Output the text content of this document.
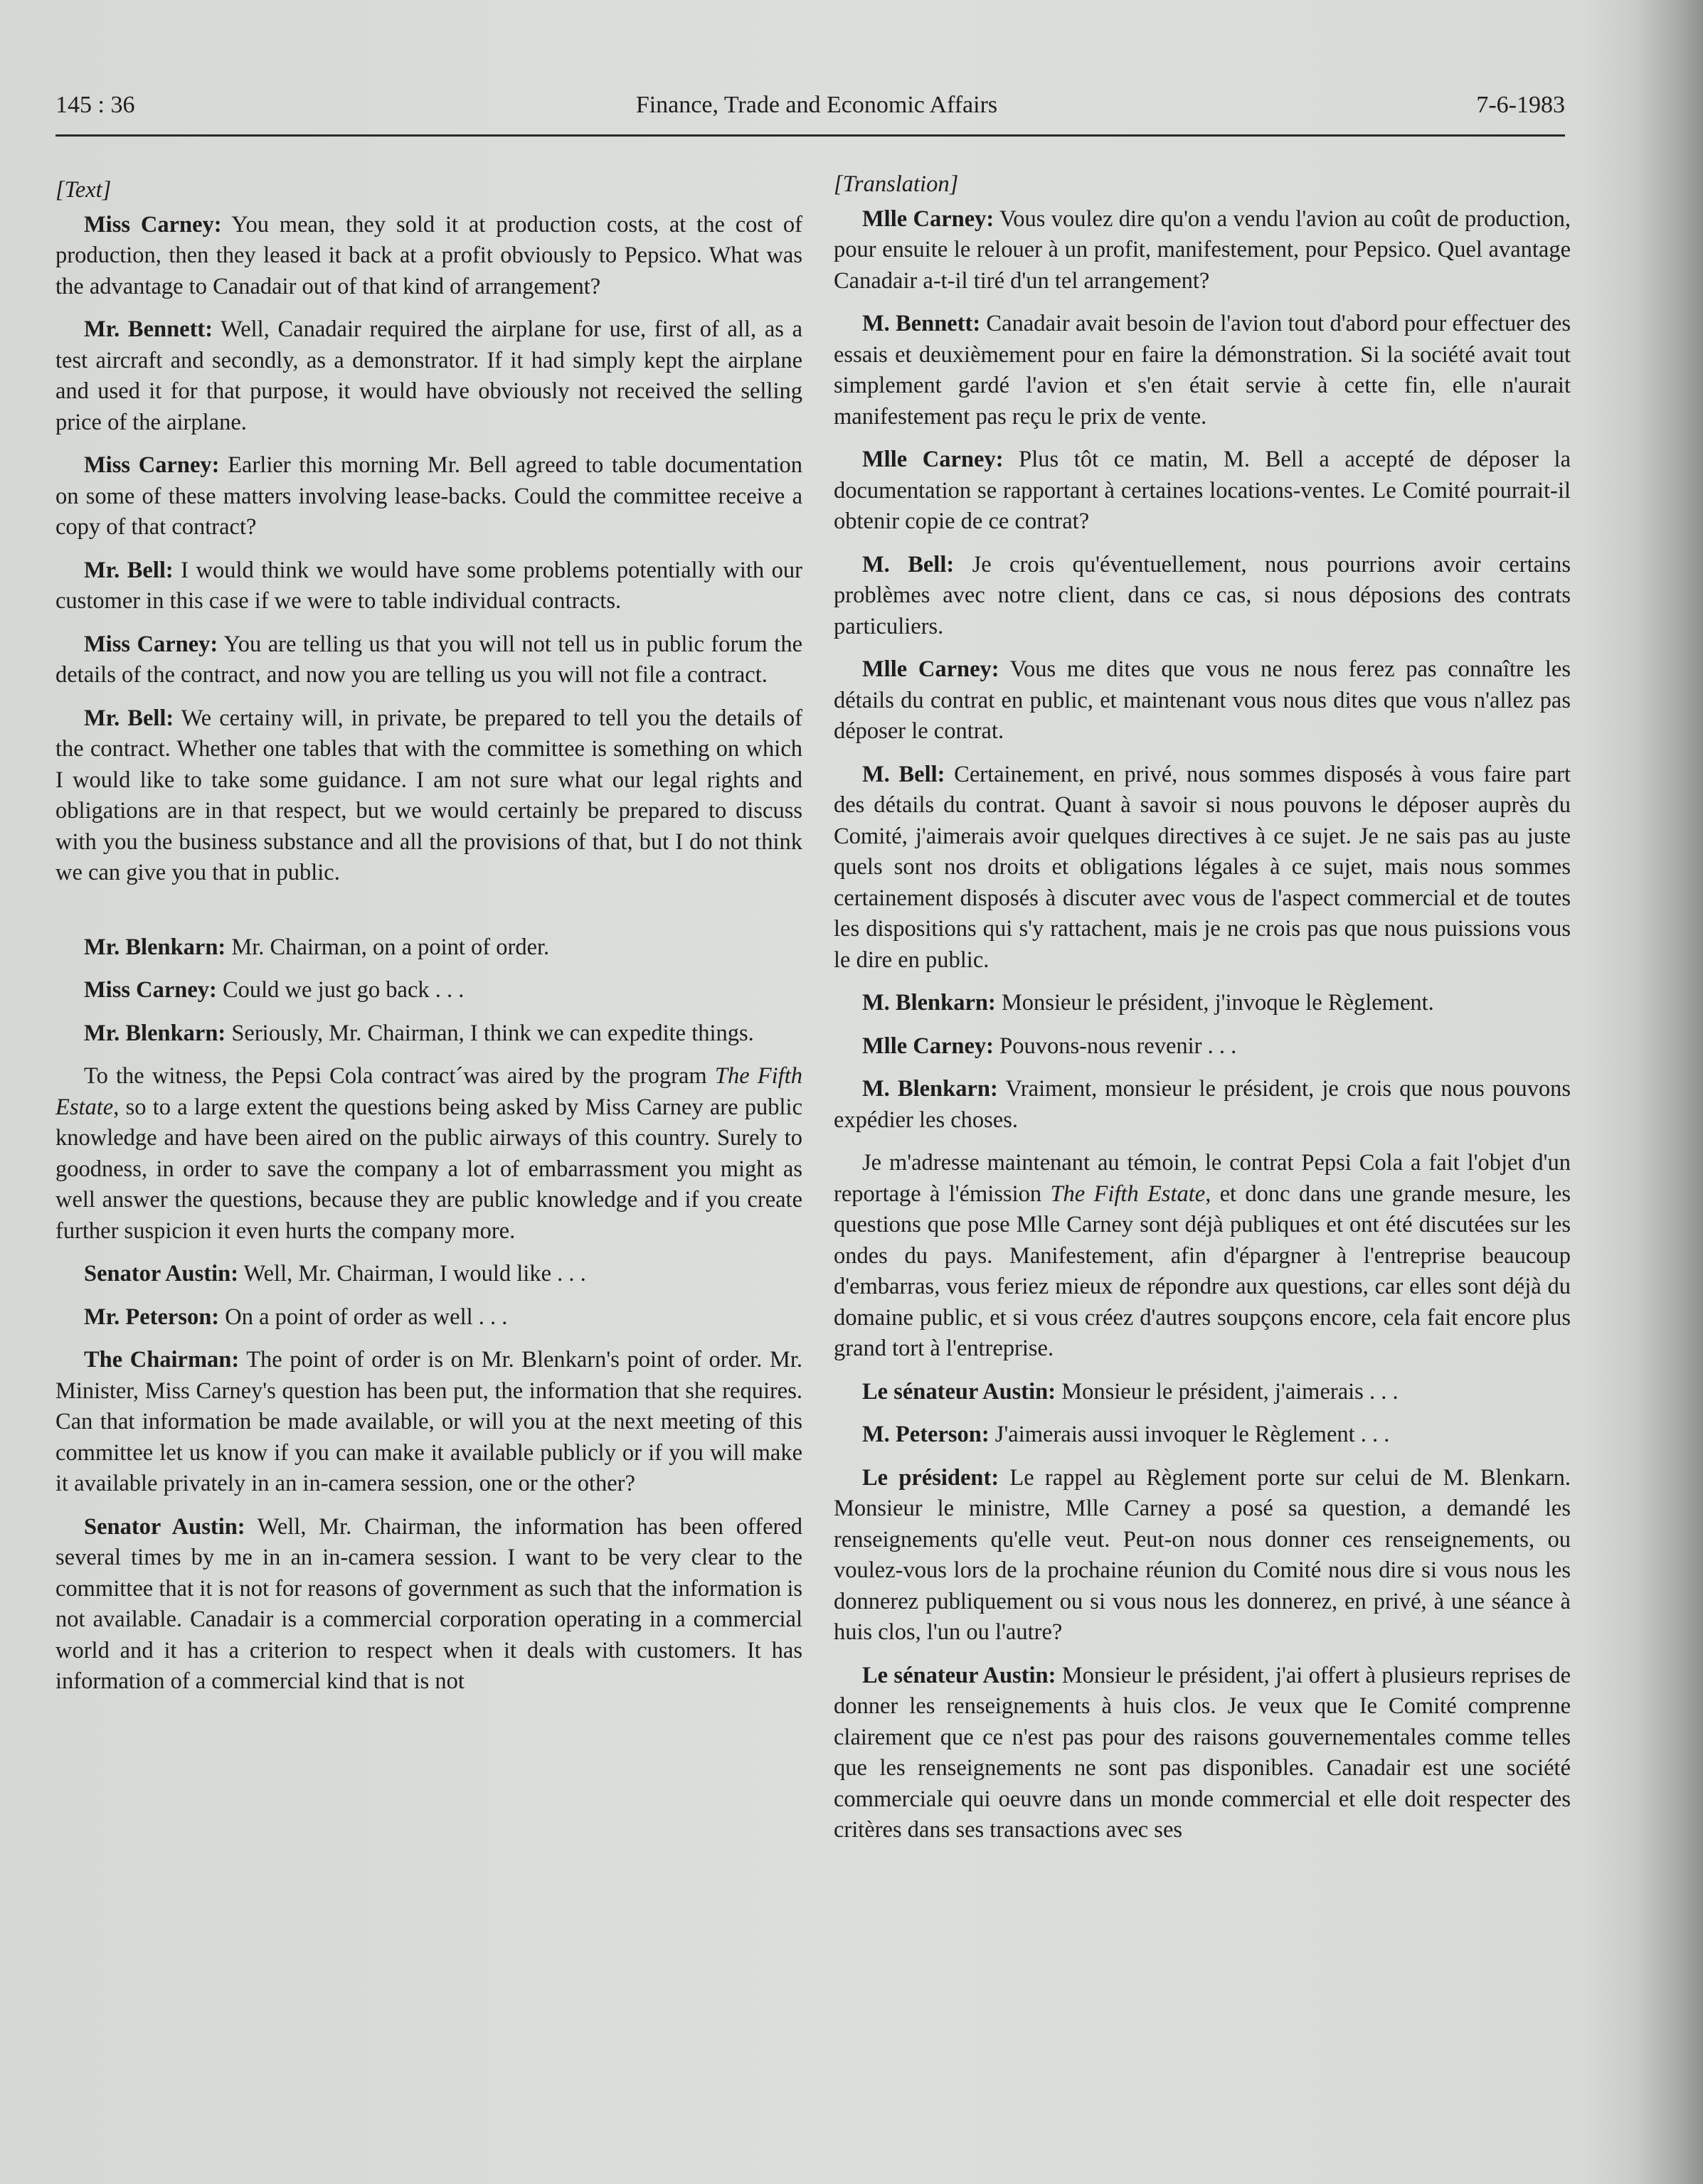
145 : 36	Finance, Trade and Economic Affairs	7-6-1983
[Text]

Miss Carney: You mean, they sold it at production costs, at the cost of production, then they leased it back at a profit obviously to Pepsico. What was the advantage to Canadair out of that kind of arrangement?

Mr. Bennett: Well, Canadair required the airplane for use, first of all, as a test aircraft and secondly, as a demonstrator. If it had simply kept the airplane and used it for that purpose, it would have obviously not received the selling price of the airplane.

Miss Carney: Earlier this morning Mr. Bell agreed to table documentation on some of these matters involving lease-backs. Could the committee receive a copy of that contract?

Mr. Bell: I would think we would have some problems potentially with our customer in this case if we were to table individual contracts.

Miss Carney: You are telling us that you will not tell us in public forum the details of the contract, and now you are telling us you will not file a contract.

Mr. Bell: We certainy will, in private, be prepared to tell you the details of the contract. Whether one tables that with the committee is something on which I would like to take some guidance. I am not sure what our legal rights and obligations are in that respect, but we would certainly be prepared to discuss with you the business substance and all the provisions of that, but I do not think we can give you that in public.

Mr. Blenkarn: Mr. Chairman, on a point of order.

Miss Carney: Could we just go back . . .

Mr. Blenkarn: Seriously, Mr. Chairman, I think we can expedite things.

To the witness, the Pepsi Cola contract´was aired by the program The Fifth Estate, so to a large extent the questions being asked by Miss Carney are public knowledge and have been aired on the public airways of this country. Surely to goodness, in order to save the company a lot of embarrassment you might as well answer the questions, because they are public knowledge and if you create further suspicion it even hurts the company more.

Senator Austin: Well, Mr. Chairman, I would like . . .

Mr. Peterson: On a point of order as well . . .

The Chairman: The point of order is on Mr. Blenkarn's point of order. Mr. Minister, Miss Carney's question has been put, the information that she requires. Can that information be made available, or will you at the next meeting of this committee let us know if you can make it available publicly or if you will make it available privately in an in-camera session, one or the other?

Senator Austin: Well, Mr. Chairman, the information has been offered several times by me in an in-camera session. I want to be very clear to the committee that it is not for reasons of government as such that the information is not available. Canadair is a commercial corporation operating in a commercial world and it has a criterion to respect when it deals with customers. It has information of a commercial kind that is not

[Translation]

Mlle Carney: Vous voulez dire qu'on a vendu l'avion au coût de production, pour ensuite le relouer à un profit, manifestement, pour Pepsico. Quel avantage Canadair a-t-il tiré d'un tel arrangement?

M. Bennett: Canadair avait besoin de l'avion tout d'abord pour effectuer des essais et deuxièmement pour en faire la démonstration. Si la société avait tout simplement gardé l'avion et s'en était servie à cette fin, elle n'aurait manifestement pas reçu le prix de vente.

Mlle Carney: Plus tôt ce matin, M. Bell a accepté de déposer la documentation se rapportant à certaines locations-ventes. Le Comité pourrait-il obtenir copie de ce contrat?

M. Bell: Je crois qu'éventuellement, nous pourrions avoir certains problèmes avec notre client, dans ce cas, si nous déposions des contrats particuliers.

Mlle Carney: Vous me dites que vous ne nous ferez pas connaître les détails du contrat en public, et maintenant vous nous dites que vous n'allez pas déposer le contrat.

M. Bell: Certainement, en privé, nous sommes disposés à vous faire part des détails du contrat. Quant à savoir si nous pouvons le déposer auprès du Comité, j'aimerais avoir quelques directives à ce sujet. Je ne sais pas au juste quels sont nos droits et obligations légales à ce sujet, mais nous sommes certainement disposés à discuter avec vous de l'aspect commercial et de toutes les dispositions qui s'y rattachent, mais je ne crois pas que nous puissions vous le dire en public.

M. Blenkarn: Monsieur le président, j'invoque le Règlement.

Mlle Carney: Pouvons-nous revenir . . .

M. Blenkarn: Vraiment, monsieur le président, je crois que nous pouvons expédier les choses.

Je m'adresse maintenant au témoin, le contrat Pepsi Cola a fait l'objet d'un reportage à l'émission The Fifth Estate, et donc dans une grande mesure, les questions que pose Mlle Carney sont déjà publiques et ont été discutées sur les ondes du pays. Manifestement, afin d'épargner à l'entreprise beaucoup d'embarras, vous feriez mieux de répondre aux questions, car elles sont déjà du domaine public, et si vous créez d'autres soupçons encore, cela fait encore plus grand tort à l'entreprise.

Le sénateur Austin: Monsieur le président, j'aimerais . . .

M. Peterson: J'aimerais aussi invoquer le Règlement . . .

Le président: Le rappel au Règlement porte sur celui de M. Blenkarn. Monsieur le ministre, Mlle Carney a posé sa question, a demandé les renseignements qu'elle veut. Peut-on nous donner ces renseignements, ou voulez-vous lors de la prochaine réunion du Comité nous dire si vous nous les donnerez publiquement ou si vous nous les donnerez, en privé, à une séance à huis clos, l'un ou l'autre?

Le sénateur Austin: Monsieur le président, j'ai offert à plusieurs reprises de donner les renseignements à huis clos. Je veux que Ie Comité comprenne clairement que ce n'est pas pour des raisons gouvernementales comme telles que les renseignements ne sont pas disponibles. Canadair est une société commerciale qui oeuvre dans un monde commercial et elle doit respecter des critères dans ses transactions avec ses
